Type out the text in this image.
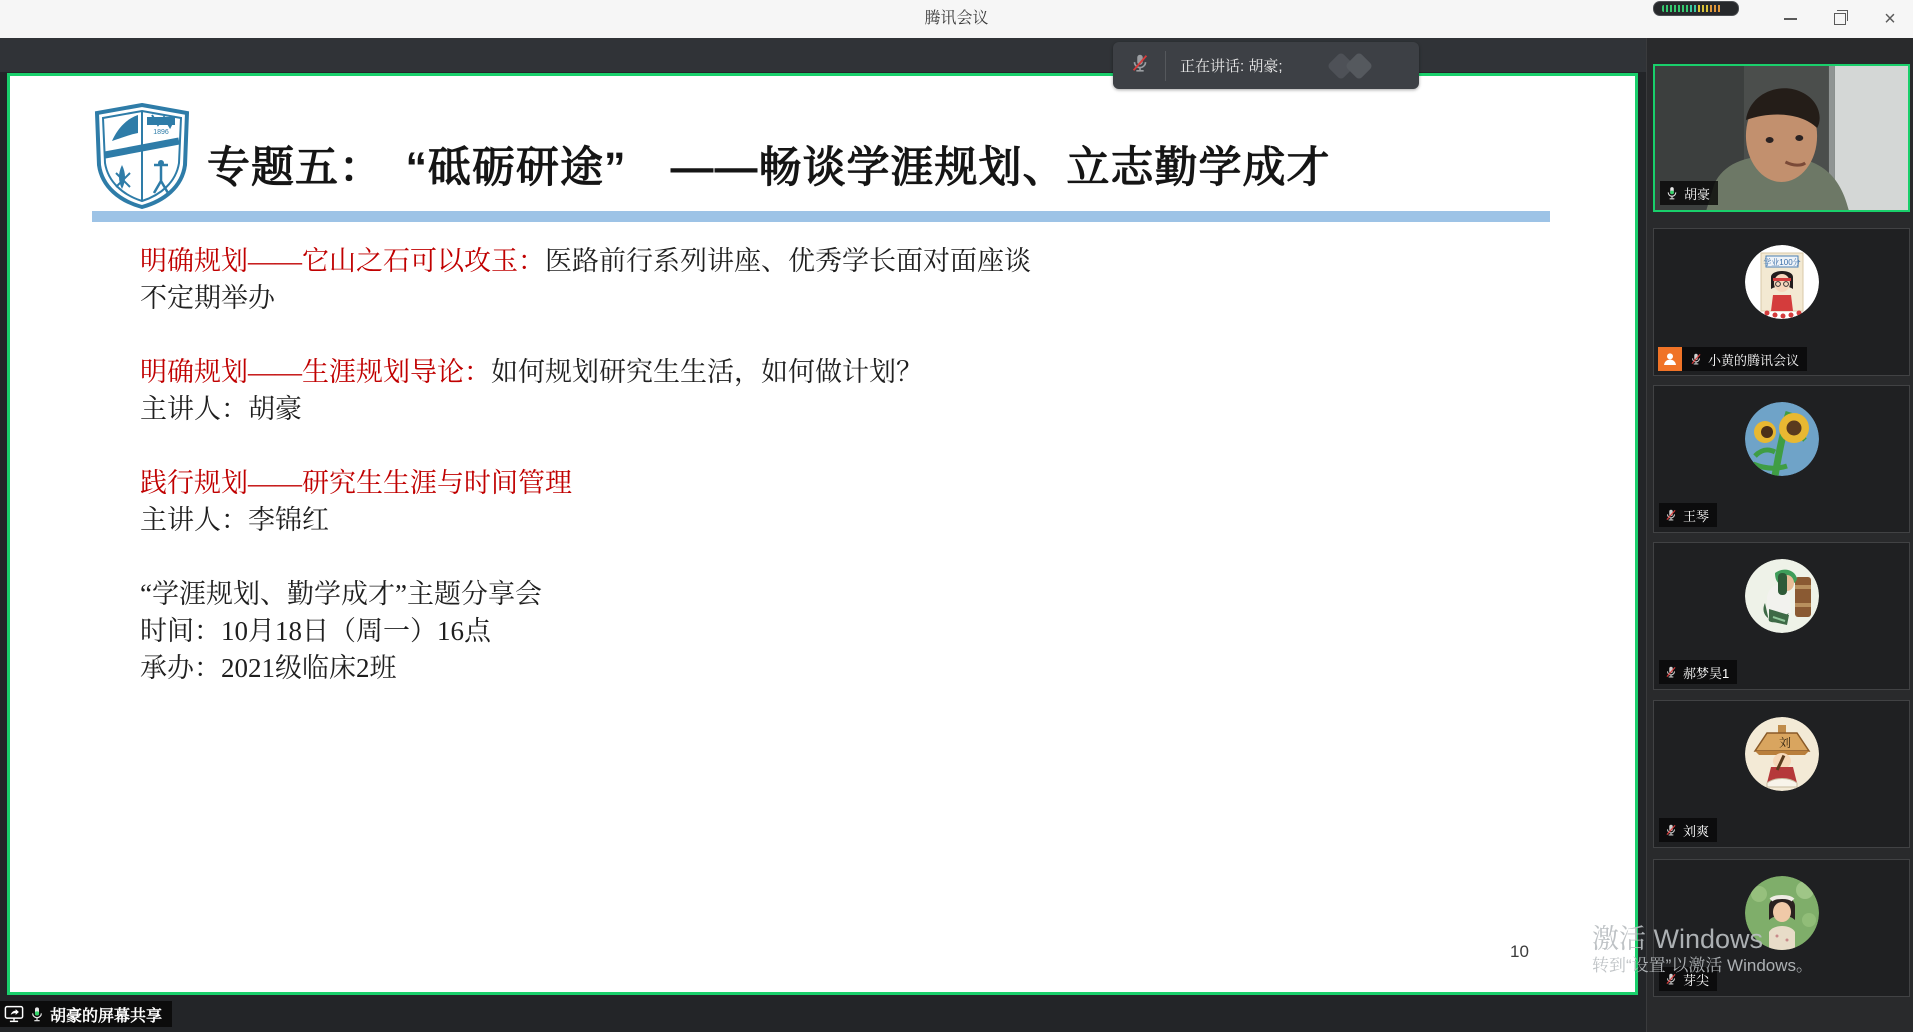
腾讯会议	×
正在讲话: 胡豪;
1896
专题五：　“砥砺研途”　——畅谈学涯规划、立志勤学成才
明确规划——它山之石可以攻玉：医路前行系列讲座、优秀学长面对面座谈
不定期举办
明确规划——生涯规划导论：如何规划研究生生活，如何做计划？
主讲人：胡豪
践行规划——研究生生涯与时间管理
主讲人：李锦红
“学涯规划、勤学成才”主题分享会
时间：10月18日（周一）16点
承办：2021级临床2班
10
胡豪的屏幕共享
胡豪
学业100分
小黄的腾讯会议
王琴
郝梦昊1
刘
刘爽
芽尖
激活 Windows
转到“设置”以激活 Windows。
